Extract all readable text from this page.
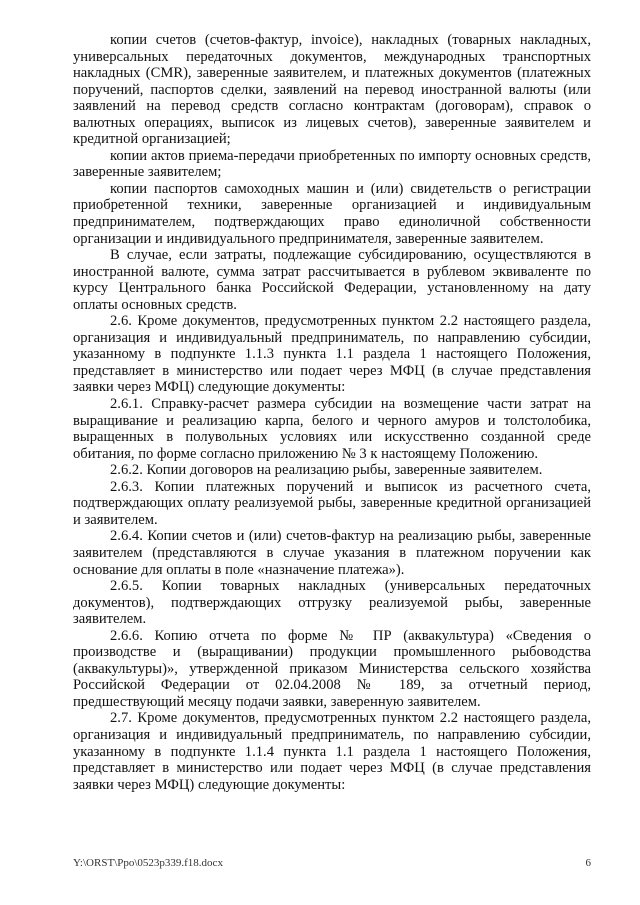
копии счетов (счетов-фактур, invoice), накладных (товарных накладных, универсальных передаточных документов, международных транспортных накладных (CMR), заверенные заявителем, и платежных документов (платежных поручений, паспортов сделки, заявлений на перевод иностранной валюты (или заявлений на перевод средств согласно контрактам (договорам), справок о валютных операциях, выписок из лицевых счетов), заверенные заявителем и кредитной организацией;

копии актов приема-передачи приобретенных по импорту основных средств, заверенные заявителем;

копии паспортов самоходных машин и (или) свидетельств о регистрации приобретенной техники, заверенные организацией и индивидуальным предпринимателем, подтверждающих право единоличной собственности организации и индивидуального предпринимателя, заверенные заявителем.

В случае, если затраты, подлежащие субсидированию, осуществляются в иностранной валюте, сумма затрат рассчитывается в рублевом эквиваленте по курсу Центрального банка Российской Федерации, установленному на дату оплаты основных средств.

2.6. Кроме документов, предусмотренных пунктом 2.2 настоящего раздела, организация и индивидуальный предприниматель, по направлению субсидии, указанному в подпункте 1.1.3 пункта 1.1 раздела 1 настоящего Положения, представляет в министерство или подает через МФЦ (в случае представления заявки через МФЦ) следующие документы:

2.6.1. Справку-расчет размера субсидии на возмещение части затрат на выращивание и реализацию карпа, белого и черного амуров и толстолобика, выращенных в полувольных условиях или искусственно созданной среде обитания, по форме согласно приложению № 3 к настоящему Положению.

2.6.2. Копии договоров на реализацию рыбы, заверенные заявителем.

2.6.3. Копии платежных поручений и выписок из расчетного счета, подтверждающих оплату реализуемой рыбы, заверенные кредитной организацией и заявителем.

2.6.4. Копии счетов и (или) счетов-фактур на реализацию рыбы, заверенные заявителем (представляются в случае указания в платежном поручении как основание для оплаты в поле «назначение платежа»).

2.6.5. Копии товарных накладных (универсальных передаточных документов), подтверждающих отгрузку реализуемой рыбы, заверенные заявителем.

2.6.6. Копию отчета по форме № ПР (аквакультура) «Сведения о производстве и (выращивании) продукции промышленного рыбоводства (аквакультуры)», утвержденной приказом Министерства сельского хозяйства Российской Федерации от 02.04.2008 № 189, за отчетный период, предшествующий месяцу подачи заявки, заверенную заявителем.

2.7. Кроме документов, предусмотренных пунктом 2.2 настоящего раздела, организация и индивидуальный предприниматель, по направлению субсидии, указанному в подпункте 1.1.4 пункта 1.1 раздела 1 настоящего Положения, представляет в министерство или подает через МФЦ (в случае представления заявки через МФЦ) следующие документы:

Y:\ORST\Ppo\0523p339.f18.docx	6
